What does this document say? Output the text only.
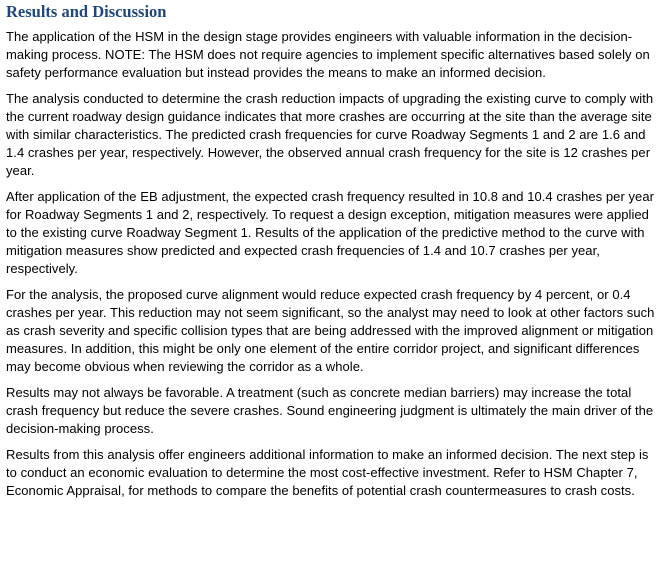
Results and Discussion

The application of the HSM in the design stage provides engineers with valuable information in the decision-making process. NOTE: The HSM does not require agencies to implement specific alternatives based solely on safety performance evaluation but instead provides the means to make an informed decision.

The analysis conducted to determine the crash reduction impacts of upgrading the existing curve to comply with the current roadway design guidance indicates that more crashes are occurring at the site than the average site with similar characteristics. The predicted crash frequencies for curve Roadway Segments 1 and 2 are 1.6 and 1.4 crashes per year, respectively. However, the observed annual crash frequency for the site is 12 crashes per year.

After application of the EB adjustment, the expected crash frequency resulted in 10.8 and 10.4 crashes per year for Roadway Segments 1 and 2, respectively. To request a design exception, mitigation measures were applied to the existing curve Roadway Segment 1. Results of the application of the predictive method to the curve with mitigation measures show predicted and expected crash frequencies of 1.4 and 10.7 crashes per year, respectively.

For the analysis, the proposed curve alignment would reduce expected crash frequency by 4 percent, or 0.4 crashes per year. This reduction may not seem significant, so the analyst may need to look at other factors such as crash severity and specific collision types that are being addressed with the improved alignment or mitigation measures. In addition, this might be only one element of the entire corridor project, and significant differences may become obvious when reviewing the corridor as a whole.

Results may not always be favorable. A treatment (such as concrete median barriers) may increase the total crash frequency but reduce the severe crashes. Sound engineering judgment is ultimately the main driver of the decision-making process.

Results from this analysis offer engineers additional information to make an informed decision. The next step is to conduct an economic evaluation to determine the most cost-effective investment. Refer to HSM Chapter 7, Economic Appraisal, for methods to compare the benefits of potential crash countermeasures to crash costs.
